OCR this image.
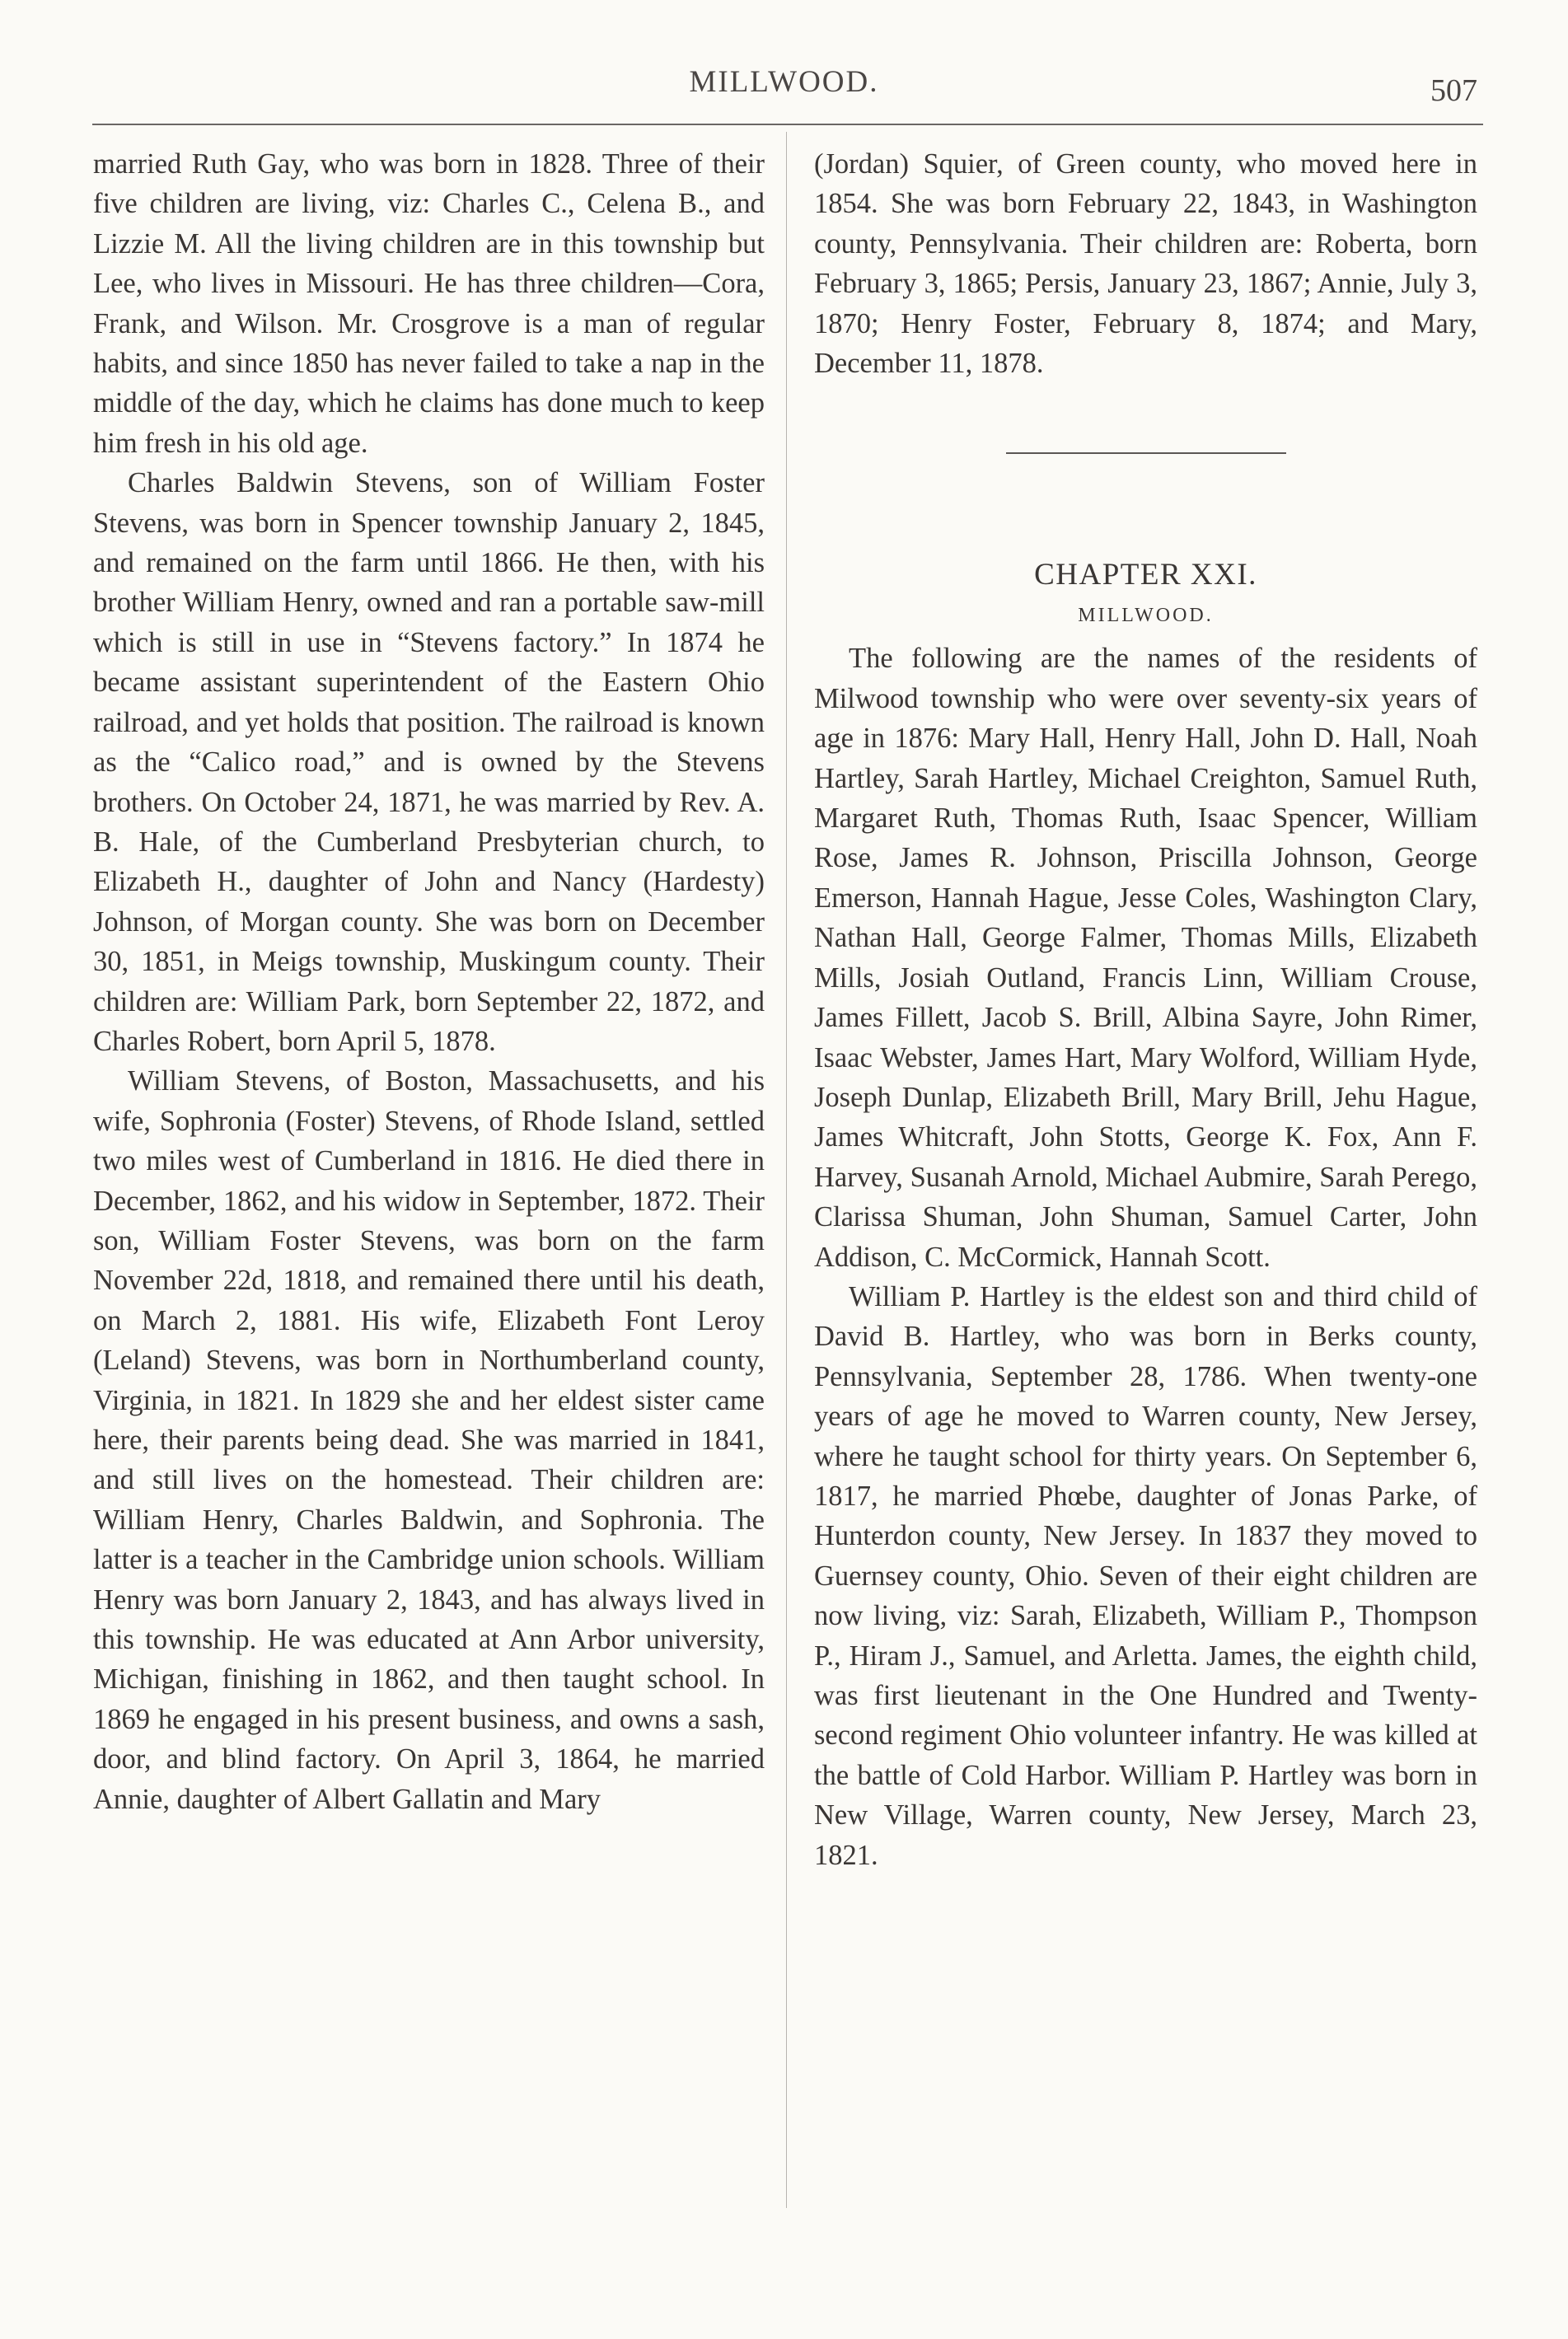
MILLWOOD.	507

married Ruth Gay, who was born in 1828. Three of their five children are living, viz: Charles C., Celena B., and Lizzie M. All the living children are in this township but Lee, who lives in Missouri. He has three children—Cora, Frank, and Wilson. Mr. Crosgrove is a man of regular habits, and since 1850 has never failed to take a nap in the middle of the day, which he claims has done much to keep him fresh in his old age.

Charles Baldwin Stevens, son of William Foster Stevens, was born in Spencer township January 2, 1845, and remained on the farm until 1866. He then, with his brother William Henry, owned and ran a portable saw-mill which is still in use in “Stevens factory.” In 1874 he became assistant superintendent of the Eastern Ohio railroad, and yet holds that position. The railroad is known as the “Calico road,” and is owned by the Stevens brothers. On October 24, 1871, he was married by Rev. A. B. Hale, of the Cumberland Presbyterian church, to Elizabeth H., daughter of John and Nancy (Hardesty) Johnson, of Morgan county. She was born on December 30, 1851, in Meigs township, Muskingum county. Their children are: William Park, born September 22, 1872, and Charles Robert, born April 5, 1878.

William Stevens, of Boston, Massachusetts, and his wife, Sophronia (Foster) Stevens, of Rhode Island, settled two miles west of Cumberland in 1816. He died there in December, 1862, and his widow in September, 1872. Their son, William Foster Stevens, was born on the farm November 22d, 1818, and remained there until his death, on March 2, 1881. His wife, Elizabeth Font Leroy (Leland) Stevens, was born in Northumberland county, Virginia, in 1821. In 1829 she and her eldest sister came here, their parents being dead. She was married in 1841, and still lives on the homestead. Their children are: William Henry, Charles Baldwin, and Sophronia. The latter is a teacher in the Cambridge union schools. William Henry was born January 2, 1843, and has always lived in this township. He was educated at Ann Arbor university, Michigan, finishing in 1862, and then taught school. In 1869 he engaged in his present business, and owns a sash, door, and blind factory. On April 3, 1864, he married Annie, daughter of Albert Gallatin and Mary

(Jordan) Squier, of Green county, who moved here in 1854. She was born February 22, 1843, in Washington county, Pennsylvania. Their children are: Roberta, born February 3, 1865; Persis, January 23, 1867; Annie, July 3, 1870; Henry Foster, February 8, 1874; and Mary, December 11, 1878.

CHAPTER XXI.
MILLWOOD.

The following are the names of the residents of Milwood township who were over seventy-six years of age in 1876: Mary Hall, Henry Hall, John D. Hall, Noah Hartley, Sarah Hartley, Michael Creighton, Samuel Ruth, Margaret Ruth, Thomas Ruth, Isaac Spencer, William Rose, James R. Johnson, Priscilla Johnson, George Emerson, Hannah Hague, Jesse Coles, Washington Clary, Nathan Hall, George Falmer, Thomas Mills, Elizabeth Mills, Josiah Outland, Francis Linn, William Crouse, James Fillett, Jacob S. Brill, Albina Sayre, John Rimer, Isaac Webster, James Hart, Mary Wolford, William Hyde, Joseph Dunlap, Elizabeth Brill, Mary Brill, Jehu Hague, James Whitcraft, John Stotts, George K. Fox, Ann F. Harvey, Susanah Arnold, Michael Aubmire, Sarah Perego, Clarissa Shuman, John Shuman, Samuel Carter, John Addison, C. McCormick, Hannah Scott.

William P. Hartley is the eldest son and third child of David B. Hartley, who was born in Berks county, Pennsylvania, September 28, 1786. When twenty-one years of age he moved to Warren county, New Jersey, where he taught school for thirty years. On September 6, 1817, he married Phœbe, daughter of Jonas Parke, of Hunterdon county, New Jersey. In 1837 they moved to Guernsey county, Ohio. Seven of their eight children are now living, viz: Sarah, Elizabeth, William P., Thompson P., Hiram J., Samuel, and Arletta. James, the eighth child, was first lieutenant in the One Hundred and Twenty-second regiment Ohio volunteer infantry. He was killed at the battle of Cold Harbor. William P. Hartley was born in New Village, Warren county, New Jersey, March 23, 1821.
